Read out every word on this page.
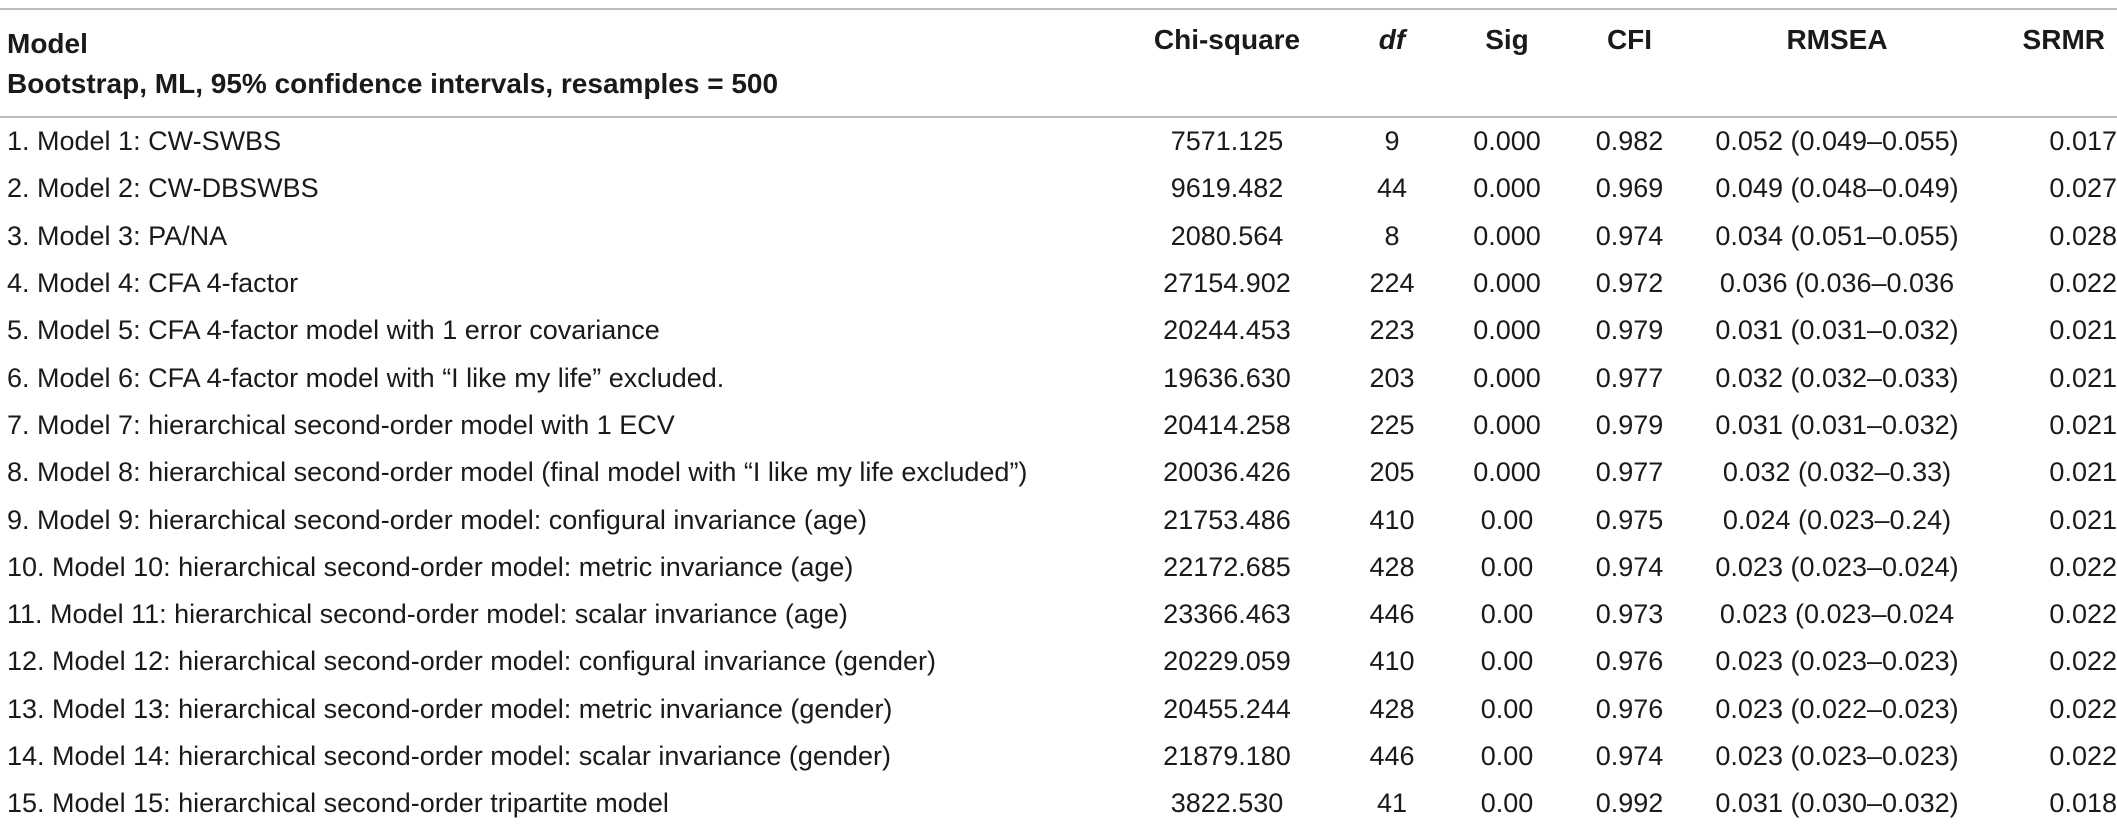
Model
Bootstrap, ML, 95% confidence intervals, resamples = 500
Chi-square	df	Sig	CFI	RMSEA	SRMR
1. Model 1: CW-SWBS	7571.125	9	0.000	0.982	0.052 (0.049–0.055)	0.017
2. Model 2: CW-DBSWBS	9619.482	44	0.000	0.969	0.049 (0.048–0.049)	0.027
3. Model 3: PA/NA	2080.564	8	0.000	0.974	0.034 (0.051–0.055)	0.028
4. Model 4: CFA 4-factor	27154.902	224	0.000	0.972	0.036 (0.036–0.036	0.022
5. Model 5: CFA 4-factor model with 1 error covariance	20244.453	223	0.000	0.979	0.031 (0.031–0.032)	0.021
6. Model 6: CFA 4-factor model with “I like my life” excluded.	19636.630	203	0.000	0.977	0.032 (0.032–0.033)	0.021
7. Model 7: hierarchical second-order model with 1 ECV	20414.258	225	0.000	0.979	0.031 (0.031–0.032)	0.021
8. Model 8: hierarchical second-order model (final model with “I like my life excluded”)	20036.426	205	0.000	0.977	0.032 (0.032–0.33)	0.021
9. Model 9: hierarchical second-order model: configural invariance (age)	21753.486	410	0.00	0.975	0.024 (0.023–0.24)	0.021
10. Model 10: hierarchical second-order model: metric invariance (age)	22172.685	428	0.00	0.974	0.023 (0.023–0.024)	0.022
11. Model 11: hierarchical second-order model: scalar invariance (age)	23366.463	446	0.00	0.973	0.023 (0.023–0.024	0.022
12. Model 12: hierarchical second-order model: configural invariance (gender)	20229.059	410	0.00	0.976	0.023 (0.023–0.023)	0.022
13. Model 13: hierarchical second-order model: metric invariance (gender)	20455.244	428	0.00	0.976	0.023 (0.022–0.023)	0.022
14. Model 14: hierarchical second-order model: scalar invariance (gender)	21879.180	446	0.00	0.974	0.023 (0.023–0.023)	0.022
15. Model 15: hierarchical second-order tripartite model	3822.530	41	0.00	0.992	0.031 (0.030–0.032)	0.018
